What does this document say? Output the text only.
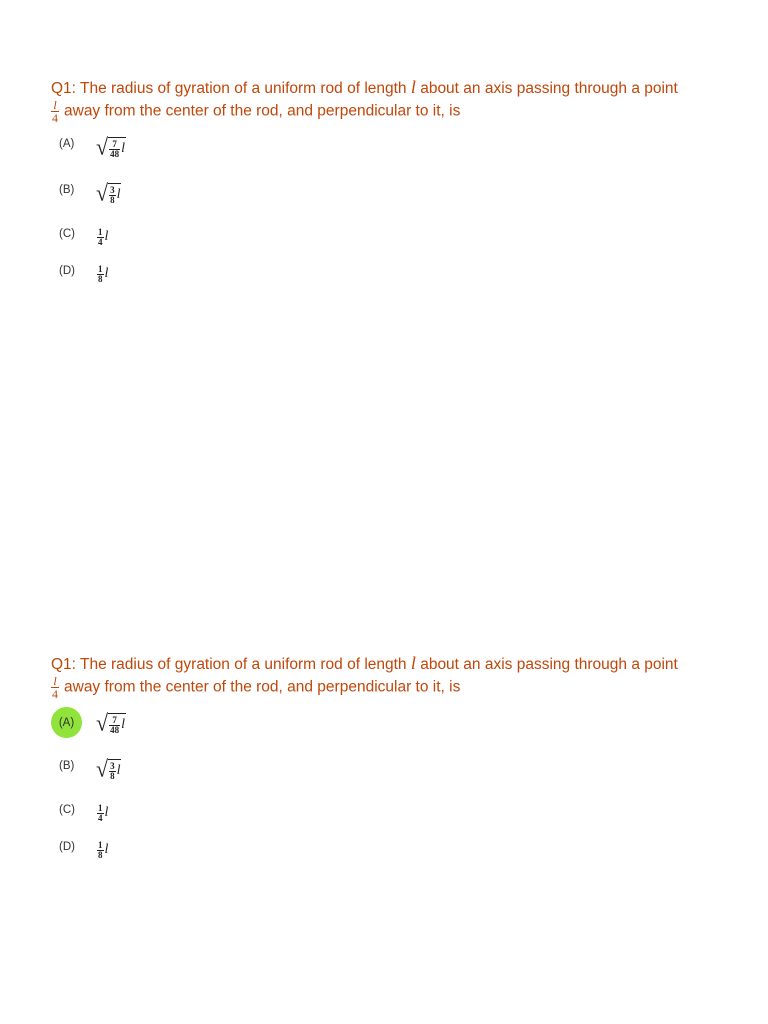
Q1: The radius of gyration of a uniform rod of length l about an axis passing through a point
$\frac{l}{4}$ away from the center of the rod, and perpendicular to it, is
(A) √ $\frac{7}{48}$ l
(B) √ $\frac{3}{8}$ l
$(C) \frac{1}{4}$ l
$(D) \frac{1}{8}$ l
Q1: The radius of gyration of a uniform rod of length l about an axis passing through a point
$\frac{l}{4}$ away from the center of the rod, and perpendicular to it, is
(A) √ $\frac{7}{48}$ l
(B) √ $\frac{3}{8}$ l
$(C) \frac{1}{4}$ l
$(D) \frac{1}{8}$ l
